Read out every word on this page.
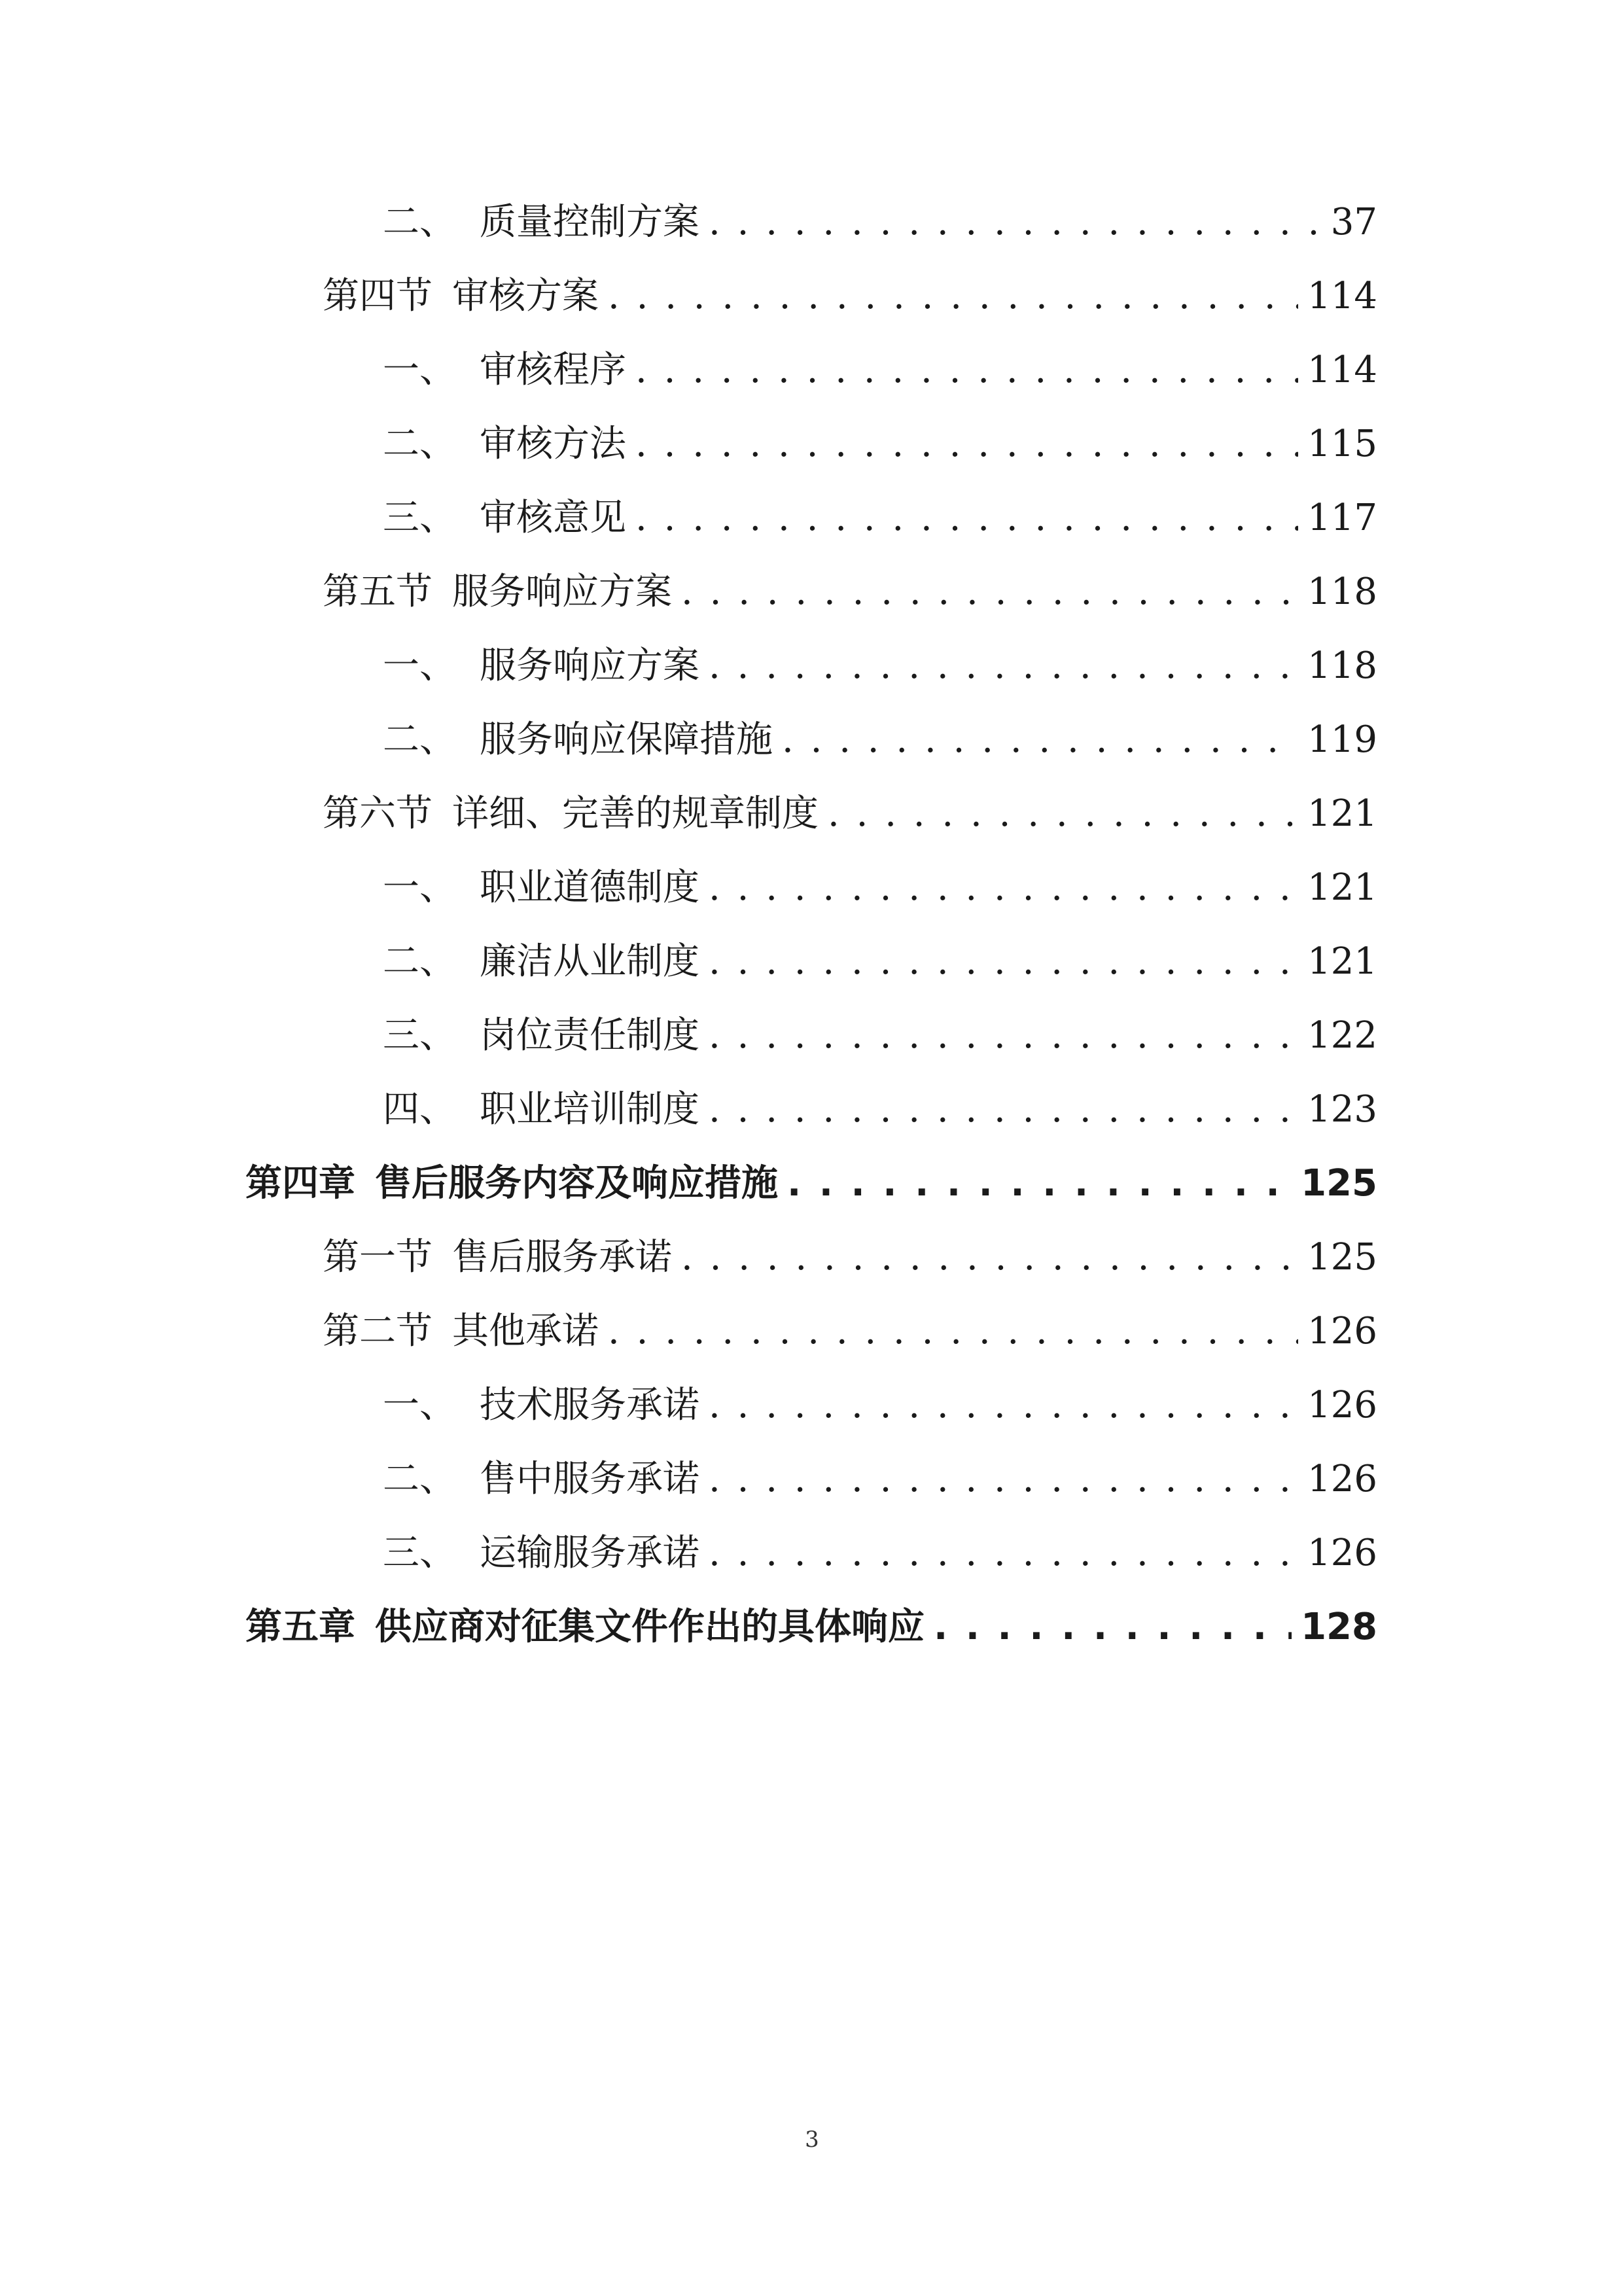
二、 质量控制方案 . . .	37
第四节 审核方案 . . .	114
一、 审核程序 . . .	114
二、 审核方法 . . .	115
三、 审核意见 . . .	117
第五节 服务响应方案 . . .	118
一、 服务响应方案 . . .	118
二、 服务响应保障措施 . . .	119
第六节 详细、完善的规章制度 . . .	121
一、 职业道德制度 . . .	121
二、 廉洁从业制度 . . .	121
三、 岗位责任制度 . . .	122
四、 职业培训制度 . . .	123
第四章 售后服务内容及响应措施 . . .	125
第一节 售后服务承诺 . . .	125
第二节 其他承诺 . . .	126
一、 技术服务承诺 . . .	126
二、 售中服务承诺 . . .	126
三、 运输服务承诺 . . .	126
第五章 供应商对征集文件作出的具体响应 . . .	128
3
